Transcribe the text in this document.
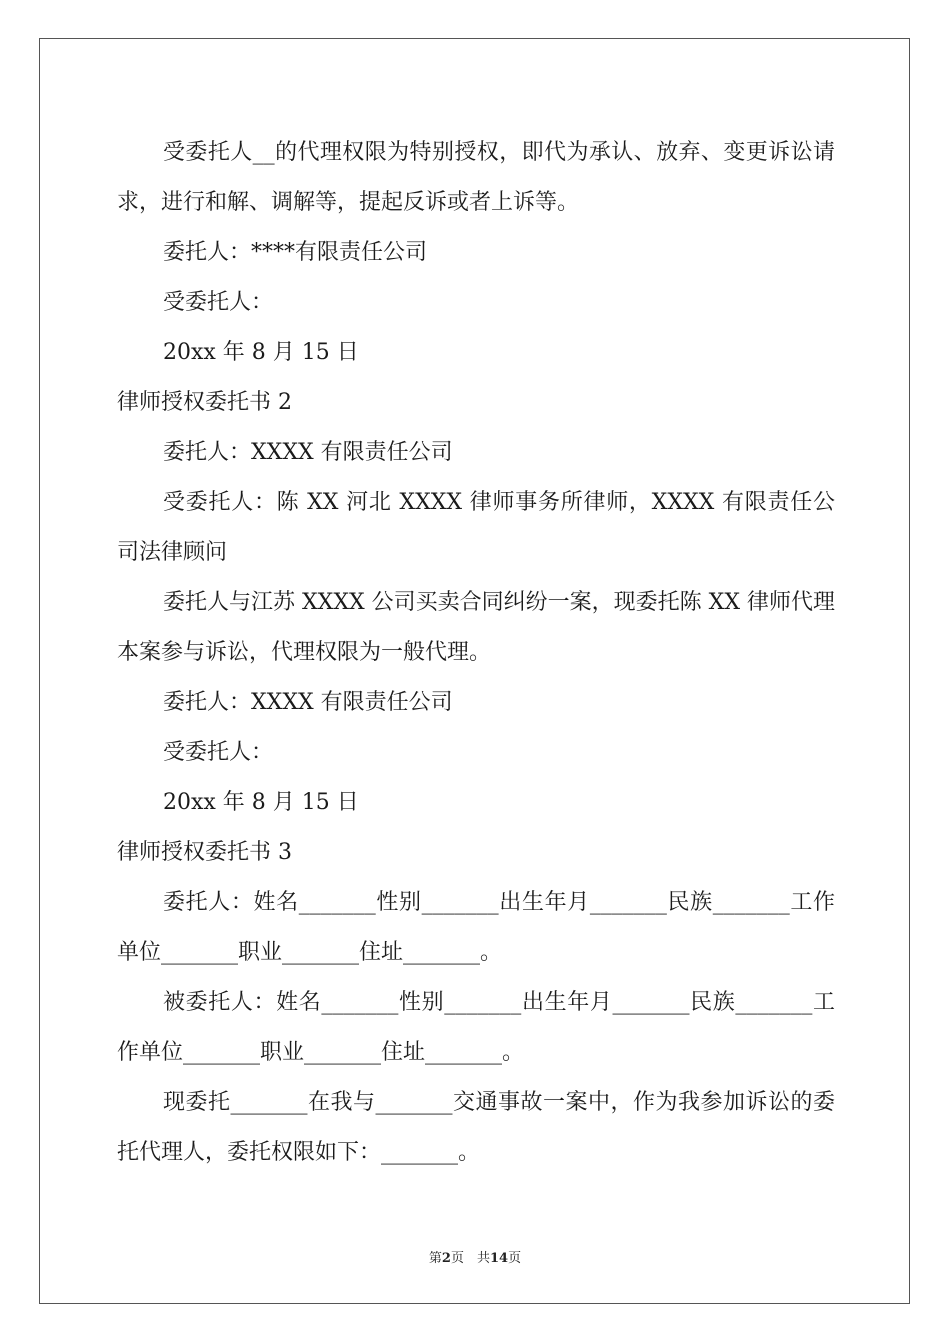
受委托人__的代理权限为特别授权，即代为承认、放弃、变更诉讼请求，进行和解、调解等，提起反诉或者上诉等。

委托人：****有限责任公司

受委托人：

20xx 年 8 月 15 日

律师授权委托书 2

委托人：XXXX 有限责任公司

受委托人：陈 XX 河北 XXXX 律师事务所律师，XXXX 有限责任公司法律顾问

委托人与江苏 XXXX 公司买卖合同纠纷一案，现委托陈 XX 律师代理本案参与诉讼，代理权限为一般代理。

委托人：XXXX 有限责任公司

受委托人：

20xx 年 8 月 15 日

律师授权委托书 3

委托人：姓名_______性别_______出生年月_______民族_______工作单位_______职业_______住址_______。

被委托人：姓名_______性别_______出生年月_______民族_______工作单位_______职业_______住址_______。

现委托_______在我与_______交通事故一案中，作为我参加诉讼的委托代理人，委托权限如下：_______。

第2页　共14页
